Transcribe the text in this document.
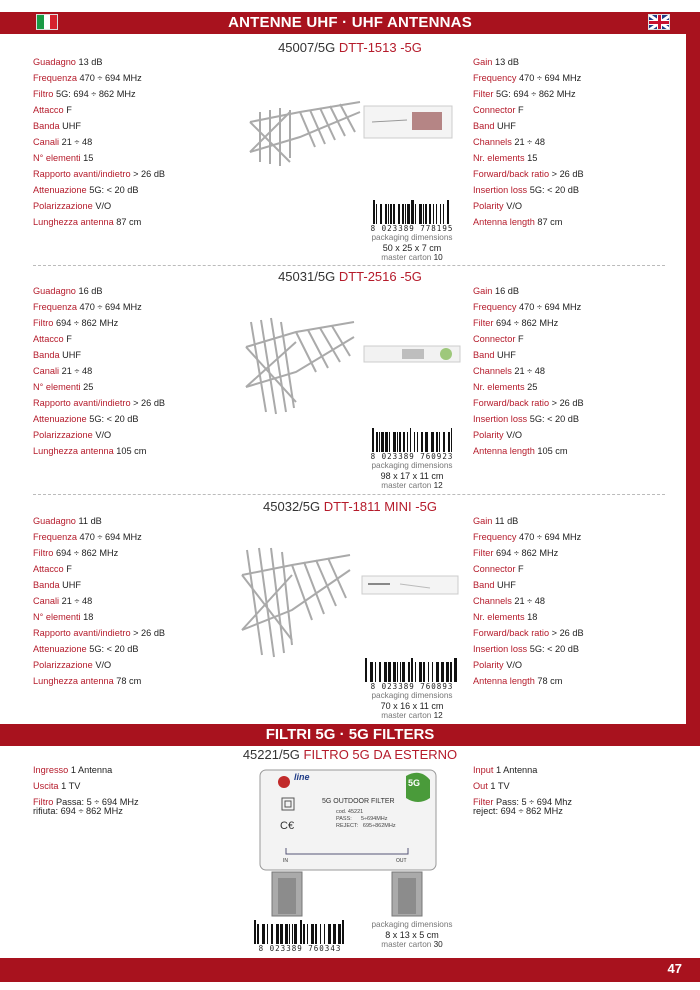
ANTENNE UHF · UHF ANTENNAS
45007/5G DTT-1513 -5G
Guadagno 13 dB
Frequenza 470 ÷ 694 MHz
Filtro 5G: 694 ÷ 862 MHz
Attacco F
Banda UHF
Canali 21 ÷ 48
N° elementi 15
Rapporto avanti/indietro > 26 dB
Attenuazione 5G: < 20 dB
Polarizzazione V/O
Lunghezza antenna 87 cm
Gain 13 dB
Frequency 470 ÷ 694 MHz
Filter 5G: 694 ÷ 862 MHz
Connector F
Band UHF
Channels 21 ÷ 48
Nr. elements 15
Forward/back ratio > 26 dB
Insertion loss 5G: < 20 dB
Polarity V/O
Antenna length 87 cm
8 023389 778195
packaging dimensions
50 x 25 x 7 cm
master carton 10
45031/5G DTT-2516 -5G
Guadagno 16 dB
Frequenza 470 ÷ 694 MHz
Filtro 694 ÷ 862 MHz
Attacco F
Banda UHF
Canali 21 ÷ 48
N° elementi 25
Rapporto avanti/indietro > 26 dB
Attenuazione 5G: < 20 dB
Polarizzazione V/O
Lunghezza antenna 105 cm
Gain 16 dB
Frequency 470 ÷ 694 MHz
Filter 694 ÷ 862 MHz
Connector F
Band UHF
Channels 21 ÷ 48
Nr. elements 25
Forward/back ratio > 26 dB
Insertion loss 5G: < 20 dB
Polarity V/O
Antenna length 105 cm
8 023389 760923
packaging dimensions
98 x 17 x 11 cm
master carton 12
45032/5G DTT-1811 MINI -5G
Guadagno 11 dB
Frequenza 470 ÷ 694 MHz
Filtro 694 ÷ 862 MHz
Attacco F
Banda UHF
Canali 21 ÷ 48
N° elementi 18
Rapporto avanti/indietro > 26 dB
Attenuazione 5G: < 20 dB
Polarizzazione V/O
Lunghezza antenna 78 cm
Gain 11 dB
Frequency 470 ÷ 694 MHz
Filter 694 ÷ 862 MHz
Connector F
Band UHF
Channels 21 ÷ 48
Nr. elements 18
Forward/back ratio > 26 dB
Insertion loss 5G: < 20 dB
Polarity V/O
Antenna length 78 cm
8 023389 760893
packaging dimensions
70 x 16 x 11 cm
master carton 12
FILTRI 5G · 5G FILTERS
45221/5G FILTRO 5G DA ESTERNO
Ingresso 1 Antenna
Uscita 1 TV
Filtro Passa: 5 ÷ 694 MHz
rifiuta: 694 ÷ 862 MHz
Input 1 Antenna
Out 1 TV
Filter Pass: 5 ÷ 694 Mhz
reject: 694 ÷ 862 MHz
line
5G
5G OUTDOOR FILTER
cod. 45221
PASS:      5÷694MHz
REJECT:   695÷862MHz
C€
IN	OUT
8 023389 760343
packaging dimensions
8 x 13 x 5 cm
master carton 30
47
